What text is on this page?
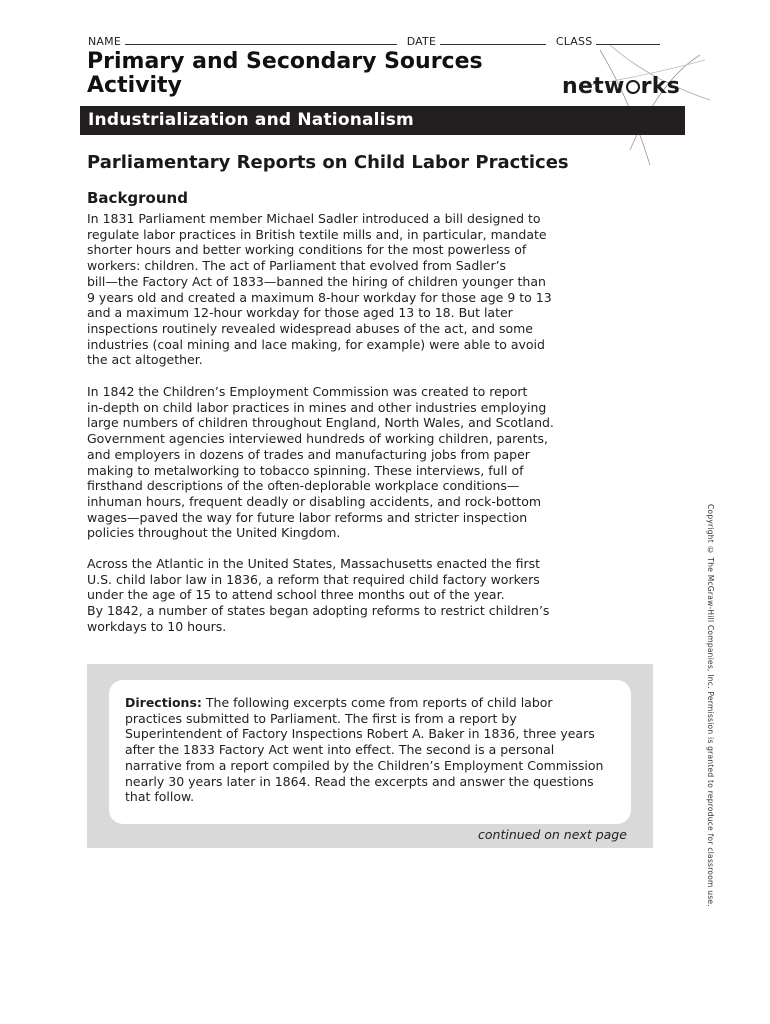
NAME	DATE	CLASS
Primary and Secondary Sources
Activity	netw rks
Industrialization and Nationalism
Parliamentary Reports on Child Labor Practices
Background

In 1831 Parliament member Michael Sadler introduced a bill designed to
regulate labor practices in British textile mills and, in particular, mandate
shorter hours and better working conditions for the most powerless of
workers: children. The act of Parliament that evolved from Sadler’s
bill—the Factory Act of 1833—banned the hiring of children younger than
9 years old and created a maximum 8-hour workday for those age 9 to 13
and a maximum 12-hour workday for those aged 13 to 18. But later
inspections routinely revealed widespread abuses of the act, and some
industries (coal mining and lace making, for example) were able to avoid
the act altogether.

In 1842 the Children’s Employment Commission was created to report
in-depth on child labor practices in mines and other industries employing
large numbers of children throughout England, North Wales, and Scotland.
Government agencies interviewed hundreds of working children, parents,
and employers in dozens of trades and manufacturing jobs from paper
making to metalworking to tobacco spinning. These interviews, full of
firsthand descriptions of the often-deplorable workplace conditions—
inhuman hours, frequent deadly or disabling accidents, and rock-bottom
wages—paved the way for future labor reforms and stricter inspection
policies throughout the United Kingdom.

Across the Atlantic in the United States, Massachusetts enacted the first
U.S. child labor law in 1836, a reform that required child factory workers
under the age of 15 to attend school three months out of the year.
By 1842, a number of states began adopting reforms to restrict children’s
workdays to 10 hours.

Directions: The following excerpts come from reports of child labor
practices submitted to Parliament. The first is from a report by
Superintendent of Factory Inspections Robert A. Baker in 1836, three years
after the 1833 Factory Act went into effect. The second is a personal
narrative from a report compiled by the Children’s Employment Commission
nearly 30 years later in 1864. Read the excerpts and answer the questions
that follow.

continued on next page	Copyright © The McGraw-Hill Companies, Inc. Permission is granted to reproduce for classroom use.
